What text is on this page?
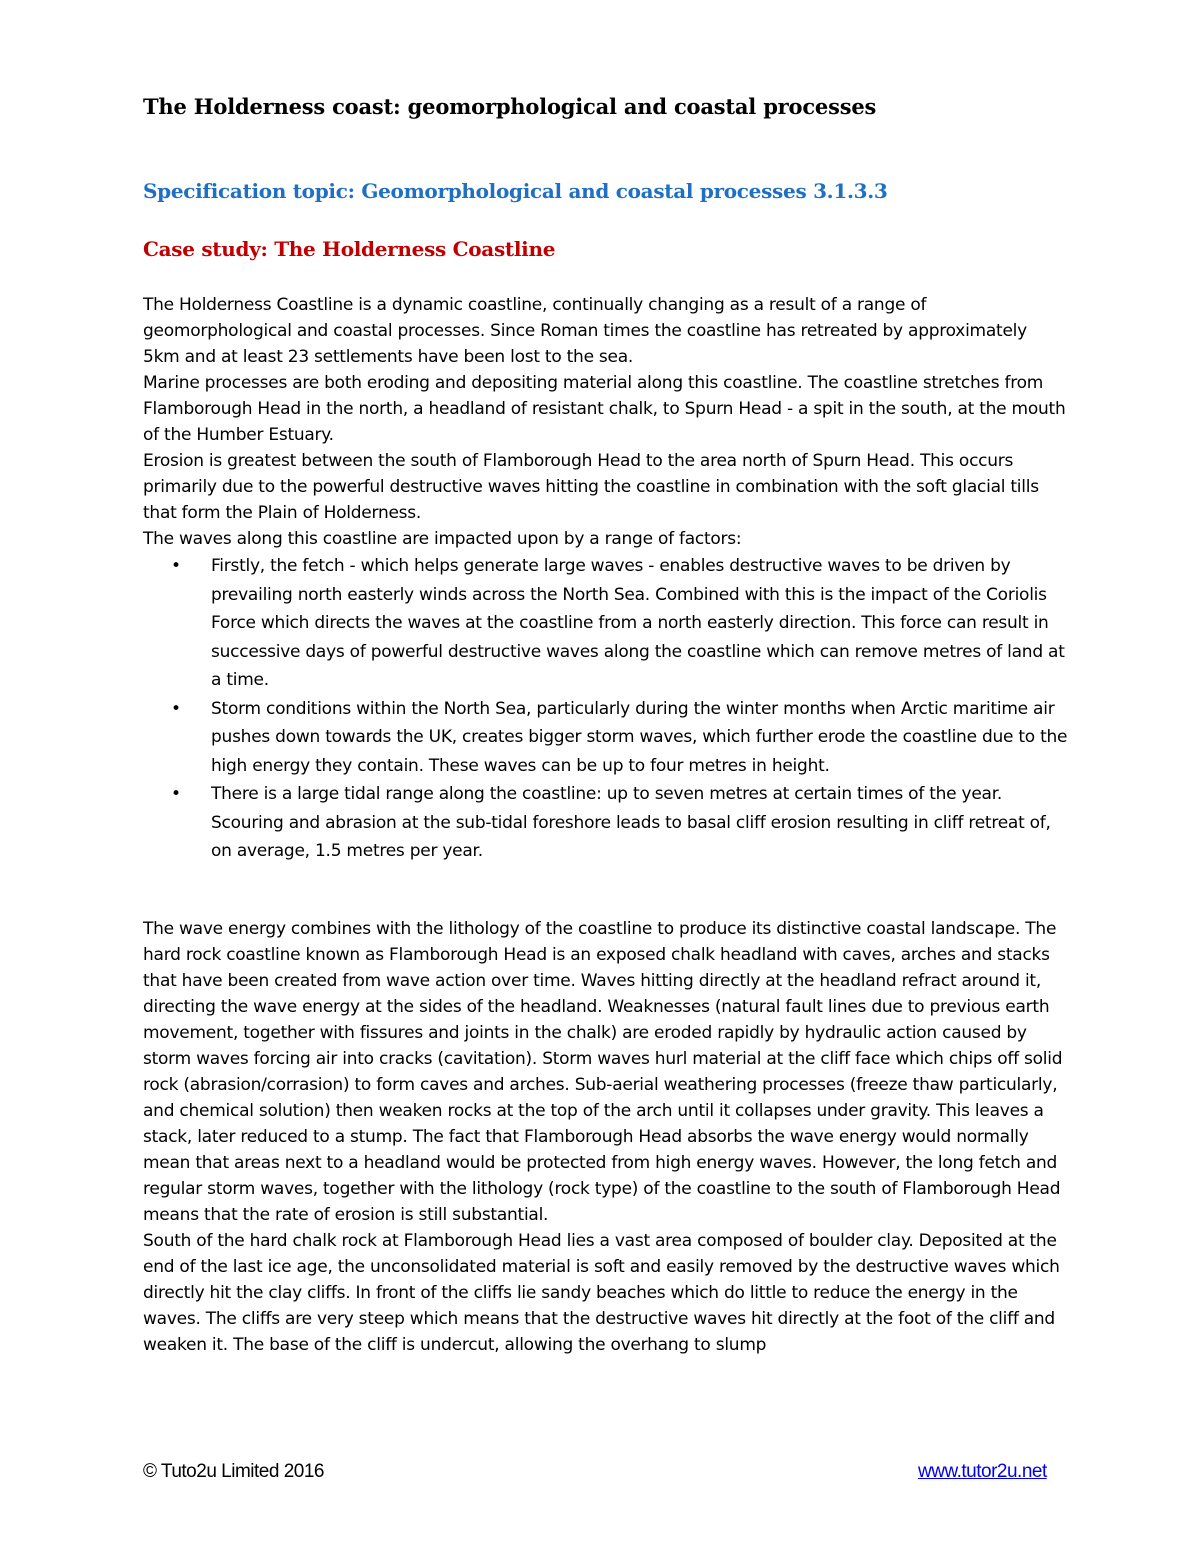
The Holderness coast: geomorphological and coastal processes
Specification topic: Geomorphological and coastal processes 3.1.3.3
Case study: The Holderness Coastline

The Holderness Coastline is a dynamic coastline, continually changing as a result of a range of geomorphological and coastal processes. Since Roman times the coastline has retreated by approximately 5km and at least 23 settlements have been lost to the sea.

Marine processes are both eroding and depositing material along this coastline. The coastline stretches from Flamborough Head in the north, a headland of resistant chalk, to Spurn Head - a spit in the south, at the mouth of the Humber Estuary.

Erosion is greatest between the south of Flamborough Head to the area north of Spurn Head. This occurs primarily due to the powerful destructive waves hitting the coastline in combination with the soft glacial tills that form the Plain of Holderness.

The waves along this coastline are impacted upon by a range of factors:

• Firstly, the fetch - which helps generate large waves - enables destructive waves to be driven by prevailing north easterly winds across the North Sea. Combined with this is the impact of the Coriolis Force which directs the waves at the coastline from a north easterly direction. This force can result in successive days of powerful destructive waves along the coastline which can remove metres of land at a time.
• Storm conditions within the North Sea, particularly during the winter months when Arctic maritime air pushes down towards the UK, creates bigger storm waves, which further erode the coastline due to the high energy they contain. These waves can be up to four metres in height.
• There is a large tidal range along the coastline: up to seven metres at certain times of the year. Scouring and abrasion at the sub-tidal foreshore leads to basal cliff erosion resulting in cliff retreat of, on average, 1.5 metres per year.

The wave energy combines with the lithology of the coastline to produce its distinctive coastal landscape. The hard rock coastline known as Flamborough Head is an exposed chalk headland with caves, arches and stacks that have been created from wave action over time. Waves hitting directly at the headland refract around it, directing the wave energy at the sides of the headland. Weaknesses (natural fault lines due to previous earth movement, together with fissures and joints in the chalk) are eroded rapidly by hydraulic action caused by storm waves forcing air into cracks (cavitation). Storm waves hurl material at the cliff face which chips off solid rock (abrasion/corrasion) to form caves and arches. Sub-aerial weathering processes (freeze thaw particularly, and chemical solution) then weaken rocks at the top of the arch until it collapses under gravity. This leaves a stack, later reduced to a stump. The fact that Flamborough Head absorbs the wave energy would normally mean that areas next to a headland would be protected from high energy waves. However, the long fetch and regular storm waves, together with the lithology (rock type) of the coastline to the south of Flamborough Head means that the rate of erosion is still substantial.

South of the hard chalk rock at Flamborough Head lies a vast area composed of boulder clay. Deposited at the end of the last ice age, the unconsolidated material is soft and easily removed by the destructive waves which directly hit the clay cliffs. In front of the cliffs lie sandy beaches which do little to reduce the energy in the waves. The cliffs are very steep which means that the destructive waves hit directly at the foot of the cliff and weaken it. The base of the cliff is undercut, allowing the overhang to slump

© Tuto2u Limited 2016	www.tutor2u.net
